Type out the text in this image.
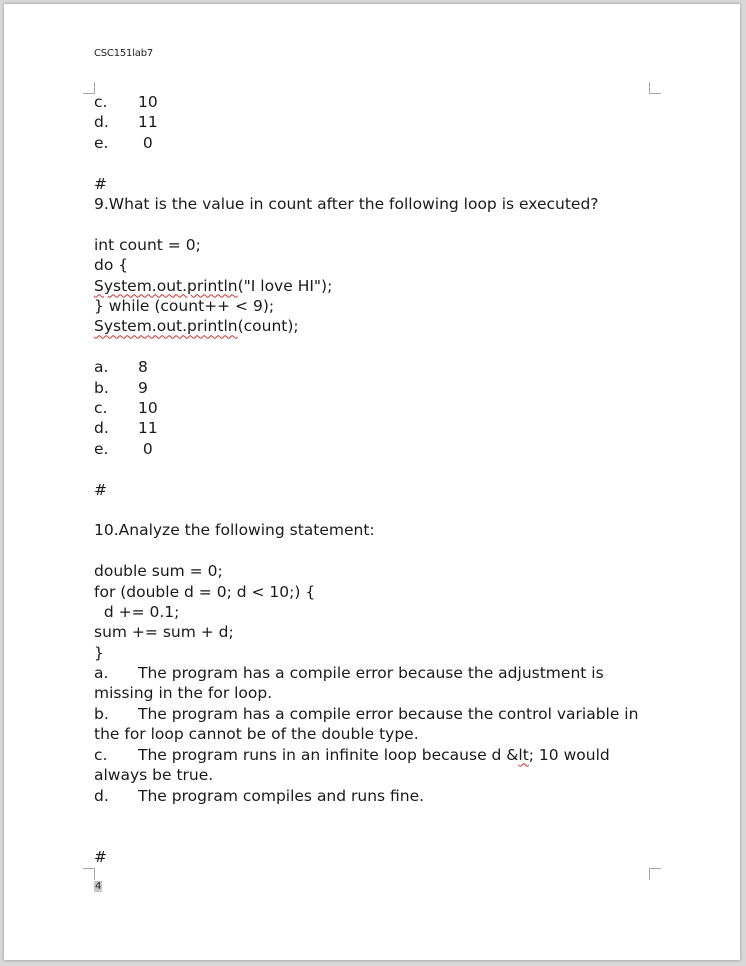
CSC151lab7
c.	10
d.	11
e.	0
#
9.What is the value in count after the following loop is executed?
int count = 0;
do {
System.out.println("I love HI");
} while (count++ < 9);
System.out.println(count);
a.	8
b.	9
c.	10
d.	11
e.	0
#
10.Analyze the following statement:
double sum = 0;
for (double d = 0; d < 10;) {
d += 0.1;
sum += sum + d;
}
a. The program has a compile error because the adjustment is missing in the for loop.
b. The program has a compile error because the control variable in the for loop cannot be of the double type.
c. The program runs in an infinite loop because d &lt; 10 would always be true.
d. The program compiles and runs fine.
#
4
